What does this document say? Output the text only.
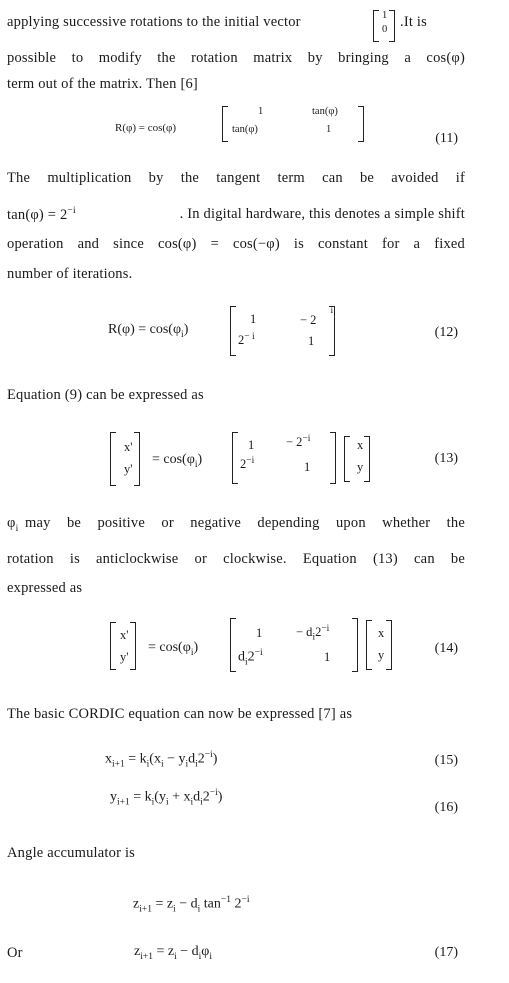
applying successive rotations to the initial vector	1
0 .It is
possible to modify the rotation matrix by bringing a cos(φ)
term out of the matrix. Then [6]
R(φ) = cos(φ)
1	tan(φ)
tan(φ)	1
(11)
The multiplication by the tangent term can be avoided if
$\tan(\varphi) = 2^{-i}$	. In digital hardware, this denotes a simple shift
operation and since cos(φ) = cos(−φ) is constant for a fixed
number of iterations.
$R(\varphi) = \cos(\varphi_i)$
1	− $2^i$
$2^{- i}$	1
(12)
Equation (9) can be expressed as
x'
y'
= $\cos(\varphi_i)$
1	− $2^{-i}$
$2^{-i}$	1
x
y
(13)
$\varphi_i$ may be positive or negative depending upon whether the
rotation is anticlockwise or clockwise. Equation (13) can be
expressed as
x'
y'
= $\cos(\varphi_i)$
1	− $d_i2^{-i}$
$d_i2^{-i}$	1
x
y	(14)
The basic CORDIC equation can now be expressed [7] as
$x_{i+1} = k_i(x_i - y_id_i2^{-i})$	(15)
$y_{i+1} = k_i(y_i + x_id_i2^{-i})$
(16)
Angle accumulator is
$z_{i+1} = z_i - d_i$ $\tan^{-1} 2^{-i}$
Or	$z_{i+1} = z_i - d_i\varphi_i$	(17)
